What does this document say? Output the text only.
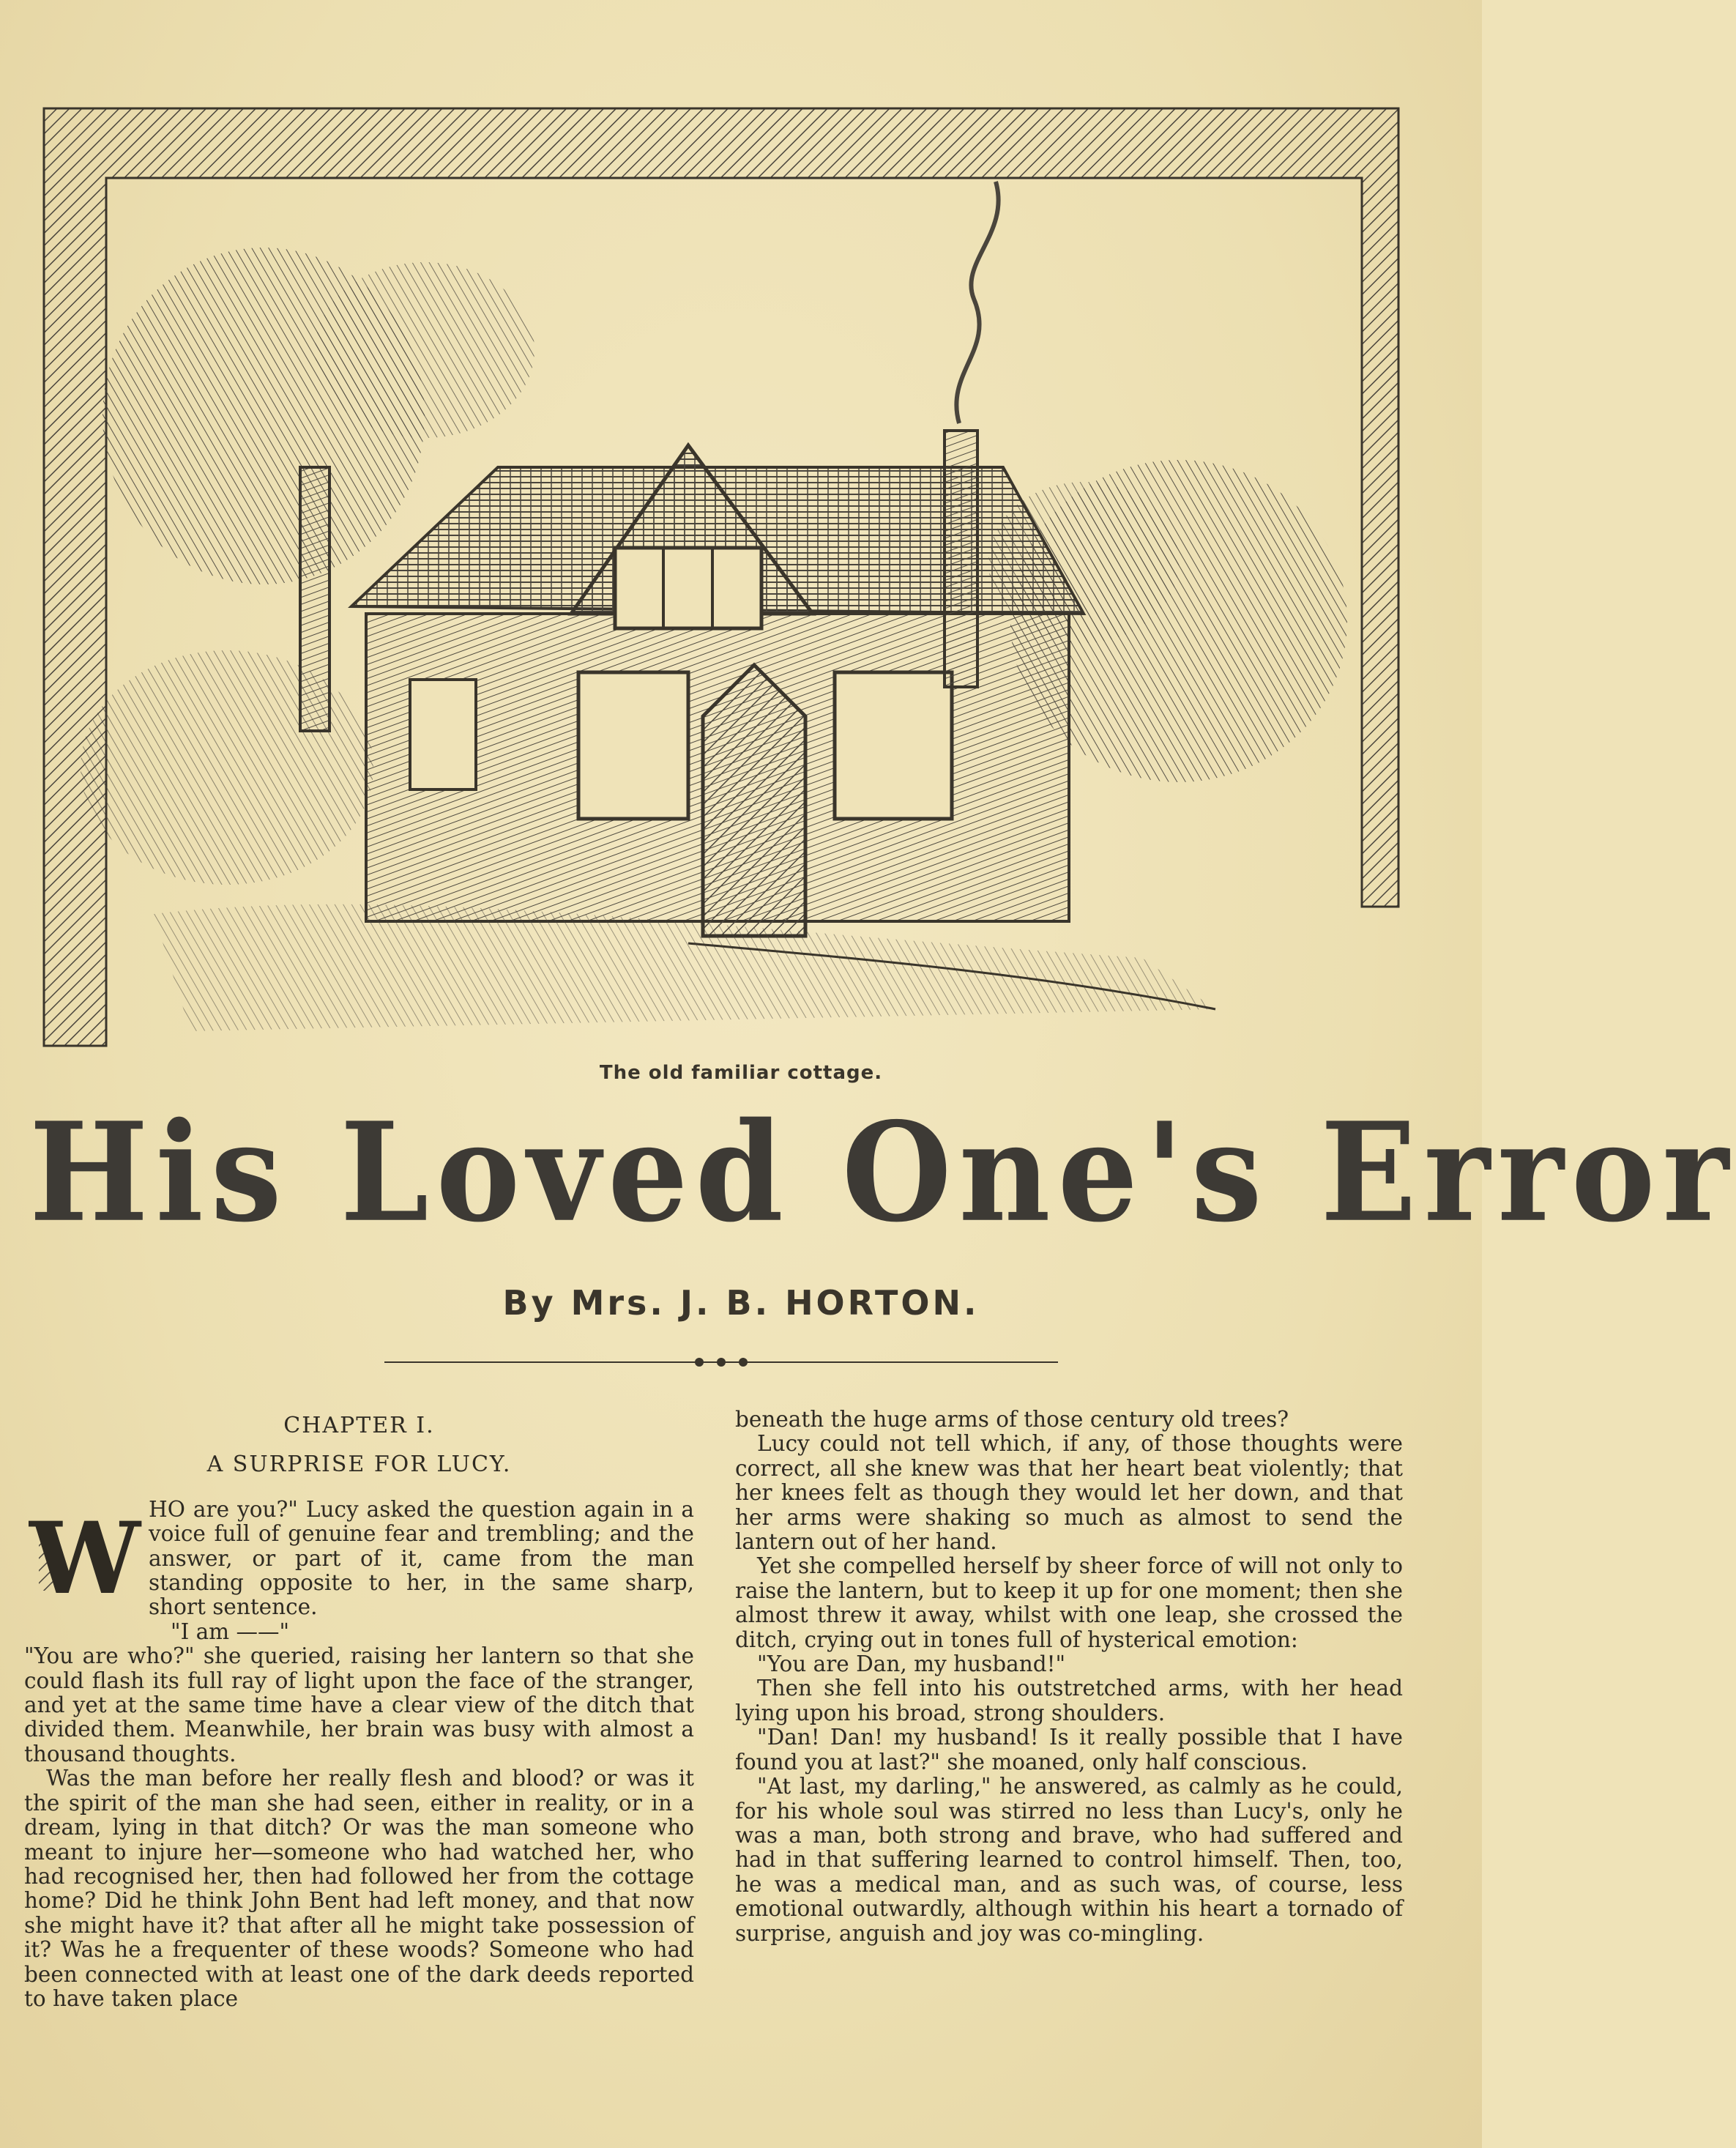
The old familiar cottage.
His Loved One's Error
By Mrs. J. B. HORTON.
CHAPTER I.
A SURPRISE FOR LUCY.

W HO are you?" Lucy asked the question again in a voice full of genuine fear and trembling; and the answer, or part of it, came from the man standing opposite to her, in the same sharp, short sentence.

"I am ——"

"You are who?" she queried, raising her lantern so that she could flash its full ray of light upon the face of the stranger, and yet at the same time have a clear view of the ditch that divided them. Meanwhile, her brain was busy with almost a thousand thoughts.

Was the man before her really flesh and blood? or was it the spirit of the man she had seen, either in reality, or in a dream, lying in that ditch? Or was the man someone who meant to injure her—someone who had watched her, who had recognised her, then had followed her from the cottage home? Did he think John Bent had left money, and that now she might have it? that after all he might take possession of it? Was he a frequenter of these woods? Someone who had been connected with at least one of the dark deeds reported to have taken place

beneath the huge arms of those century old trees?

Lucy could not tell which, if any, of those thoughts were correct, all she knew was that her heart beat violently; that her knees felt as though they would let her down, and that her arms were shaking so much as almost to send the lantern out of her hand.

Yet she compelled herself by sheer force of will not only to raise the lantern, but to keep it up for one moment; then she almost threw it away, whilst with one leap, she crossed the ditch, crying out in tones full of hysterical emotion:

"You are Dan, my husband!"

Then she fell into his outstretched arms, with her head lying upon his broad, strong shoulders.

"Dan! Dan! my husband! Is it really possible that I have found you at last?" she moaned, only half conscious.

"At last, my darling," he answered, as calmly as he could, for his whole soul was stirred no less than Lucy's, only he was a man, both strong and brave, who had suffered and had in that suffering learned to control himself. Then, too, he was a medical man, and as such was, of course, less emotional outwardly, although within his heart a tornado of surprise, anguish and joy was co-mingling.
